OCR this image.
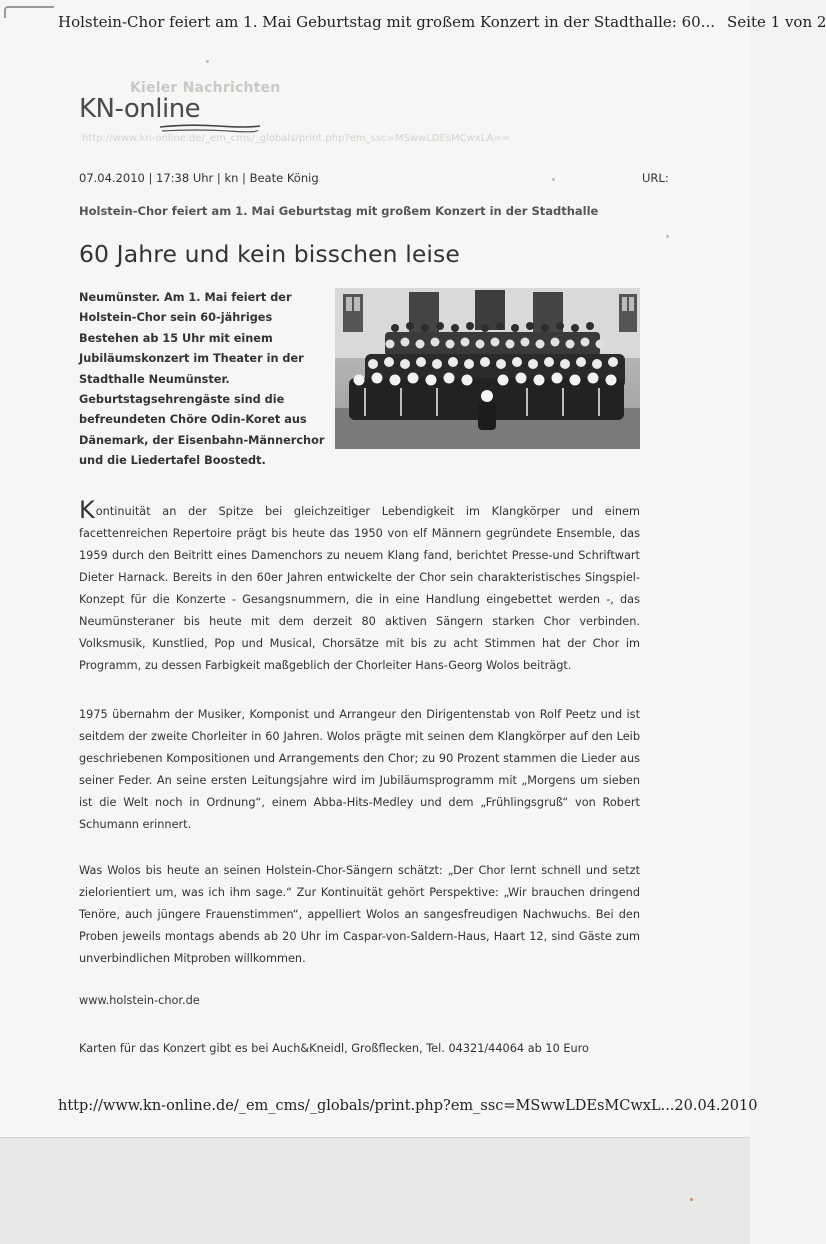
Holstein-Chor feiert am 1. Mai Geburtstag mit großem Konzert in der Stadthalle: 60... Seite 1 von 2
Kieler Nachrichten
KN-online
http://www.kn-online.de/_em_cms/_globals/print.php?em_ssc=MSwwLDEsMCwxLA==
07.04.2010 | 17:38 Uhr | kn | Beate König	URL:
Holstein-Chor feiert am 1. Mai Geburtstag mit großem Konzert in der Stadthalle
60 Jahre und kein bisschen leise
Neumünster. Am 1. Mai feiert der Holstein-Chor sein 60-jähriges Bestehen ab 15 Uhr mit einem Jubiläumskonzert im Theater in der Stadthalle Neumünster. Geburtstagsehrengäste sind die befreundeten Chöre Odin-Koret aus Dänemark, der Eisenbahn-Männerchor und die Liedertafel Boostedt.

Kontinuität an der Spitze bei gleichzeitiger Lebendigkeit im Klangkörper und einem facettenreichen Repertoire prägt bis heute das 1950 von elf Männern gegründete Ensemble, das 1959 durch den Beitritt eines Damenchors zu neuem Klang fand, berichtet Presse-und Schriftwart Dieter Harnack. Bereits in den 60er Jahren entwickelte der Chor sein charakteristisches Singspiel-Konzept für die Konzerte - Gesangsnummern, die in eine Handlung eingebettet werden -, das Neumünsteraner bis heute mit dem derzeit 80 aktiven Sängern starken Chor verbinden. Volksmusik, Kunstlied, Pop und Musical, Chorsätze mit bis zu acht Stimmen hat der Chor im Programm, zu dessen Farbigkeit maßgeblich der Chorleiter Hans-Georg Wolos beiträgt.

1975 übernahm der Musiker, Komponist und Arrangeur den Dirigentenstab von Rolf Peetz und ist seitdem der zweite Chorleiter in 60 Jahren. Wolos prägte mit seinen dem Klangkörper auf den Leib geschriebenen Kompositionen und Arrangements den Chor; zu 90 Prozent stammen die Lieder aus seiner Feder. An seine ersten Leitungsjahre wird im Jubiläumsprogramm mit „Morgens um sieben ist die Welt noch in Ordnung“, einem Abba-Hits-Medley und dem „Frühlingsgruß“ von Robert Schumann erinnert.

Was Wolos bis heute an seinen Holstein-Chor-Sängern schätzt: „Der Chor lernt schnell und setzt zielorientiert um, was ich ihm sage.“ Zur Kontinuität gehört Perspektive: „Wir brauchen dringend Tenöre, auch jüngere Frauenstimmen“, appelliert Wolos an sangesfreudigen Nachwuchs. Bei den Proben jeweils montags abends ab 20 Uhr im Caspar-von-Saldern-Haus, Haart 12, sind Gäste zum unverbindlichen Mitproben willkommen.

www.holstein-chor.de

Karten für das Konzert gibt es bei Auch&Kneidl, Großflecken, Tel. 04321/44064 ab 10 Euro

http://www.kn-online.de/_em_cms/_globals/print.php?em_ssc=MSwwLDEsMCwxL... 20.04.2010
